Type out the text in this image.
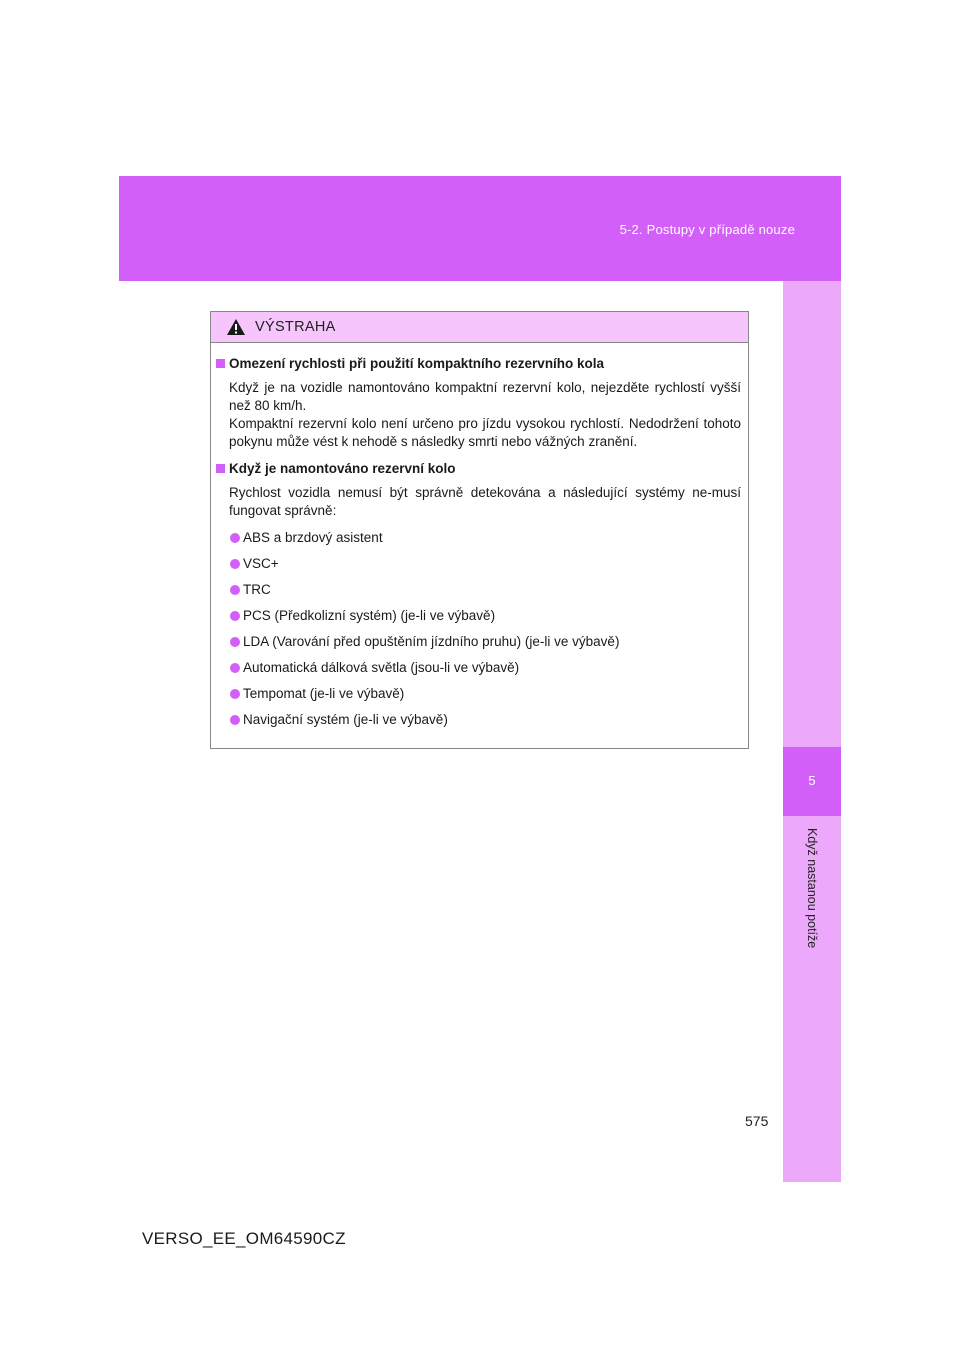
5-2. Postupy v případě nouze
5
Když nastanou potíže
VÝSTRAHA
Omezení rychlosti při použití kompaktního rezervního kola
Když je na vozidle namontováno kompaktní rezervní kolo, nejezděte rychlostí vyšší než 80 km/h.
Kompaktní rezervní kolo není určeno pro jízdu vysokou rychlostí. Nedodržení tohoto pokynu může vést k nehodě s následky smrti nebo vážných zranění.
Když je namontováno rezervní kolo
Rychlost vozidla nemusí být správně detekována a následující systémy ne-musí fungovat správně:
ABS a brzdový asistent
VSC+
TRC
PCS (Předkolizní systém) (je-li ve výbavě)
LDA (Varování před opuštěním jízdního pruhu) (je-li ve výbavě)
Automatická dálková světla (jsou-li ve výbavě)
Tempomat (je-li ve výbavě)
Navigační systém (je-li ve výbavě)
575
VERSO_EE_OM64590CZ
